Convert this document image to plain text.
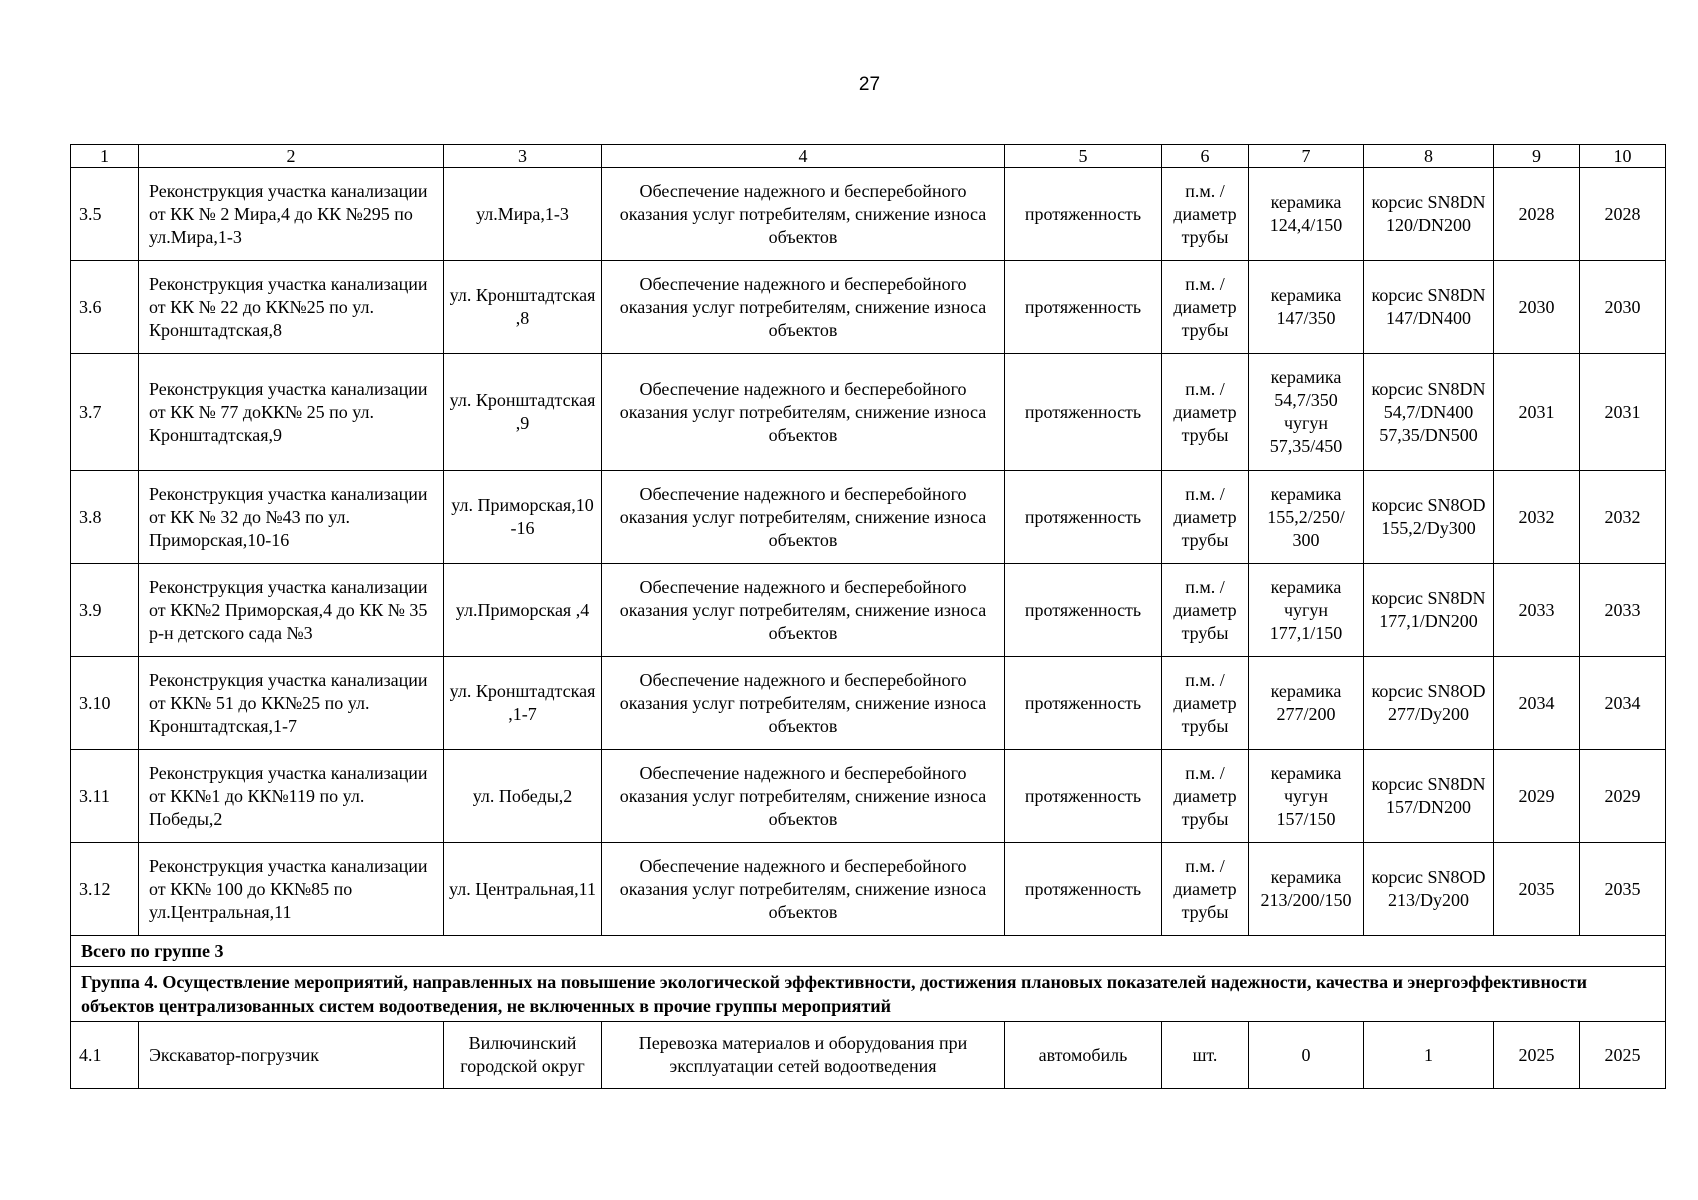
27
1	2	3	4	5	6	7	8	9	10
3.5	Реконструкция участка канализации от КК № 2 Мира,4 до КК №295 по ул.Мира,1-3	ул.Мира,1-3	Обеспечение надежного и бесперебойного оказания услуг потребителям, снижение износа объектов	протяженность	п.м. / диаметр трубы	керамика 124,4/150	корсис SN8DN 120/DN200	2028	2028
3.6	Реконструкция участка канализации от КК № 22 до КК№25 по ул. Кронштадтская,8	ул. Кронштадтская ,8	Обеспечение надежного и бесперебойного оказания услуг потребителям, снижение износа объектов	протяженность	п.м. / диаметр трубы	керамика 147/350	корсис SN8DN 147/DN400	2030	2030
3.7	Реконструкция участка канализации от КК № 77 доКК№ 25 по ул. Кронштадтская,9	ул. Кронштадтская ,9	Обеспечение надежного и бесперебойного оказания услуг потребителям, снижение износа объектов	протяженность	п.м. / диаметр трубы	керамика 54,7/350 чугун 57,35/450	корсис SN8DN 54,7/DN400 57,35/DN500	2031	2031
3.8	Реконструкция участка канализации от КК № 32 до №43 по ул. Приморская,10-16	ул. Приморская,10 -16	Обеспечение надежного и бесперебойного оказания услуг потребителям, снижение износа объектов	протяженность	п.м. / диаметр трубы	керамика 155,2/250/ 300	корсис SN8OD 155,2/Dy300	2032	2032
3.9	Реконструкция участка канализации от КК№2 Приморская,4 до КК № 35 р-н детского сада №3	ул.Приморская ,4	Обеспечение надежного и бесперебойного оказания услуг потребителям, снижение износа объектов	протяженность	п.м. / диаметр трубы	керамика чугун 177,1/150	корсис SN8DN 177,1/DN200	2033	2033
3.10	Реконструкция участка канализации от КК№ 51 до КК№25 по ул. Кронштадтская,1-7	ул. Кронштадтская ,1-7	Обеспечение надежного и бесперебойного оказания услуг потребителям, снижение износа объектов	протяженность	п.м. / диаметр трубы	керамика 277/200	корсис SN8OD 277/Dy200	2034	2034
3.11	Реконструкция участка канализации от КК№1 до КК№119 по ул. Победы,2	ул. Победы,2	Обеспечение надежного и бесперебойного оказания услуг потребителям, снижение износа объектов	протяженность	п.м. / диаметр трубы	керамика чугун 157/150	корсис SN8DN 157/DN200	2029	2029
3.12	Реконструкция участка канализации от КК№ 100 до КК№85 по ул.Центральная,11	ул. Центральная,11	Обеспечение надежного и бесперебойного оказания услуг потребителям, снижение износа объектов	протяженность	п.м. / диаметр трубы	керамика 213/200/150	корсис SN8OD 213/Dy200	2035	2035
Всего по группе 3									
Группа 4. Осуществление мероприятий, направленных на повышение экологической эффективности, достижения плановых показателей надежности, качества и энергоэффективности объектов централизованных систем водоотведения, не включенных в прочие группы мероприятий									
4.1	Экскаватор-погрузчик	Вилючинский городской округ	Перевозка материалов и оборудования при эксплуатации сетей водоотведения	автомобиль	шт.	0	1	2025	2025
